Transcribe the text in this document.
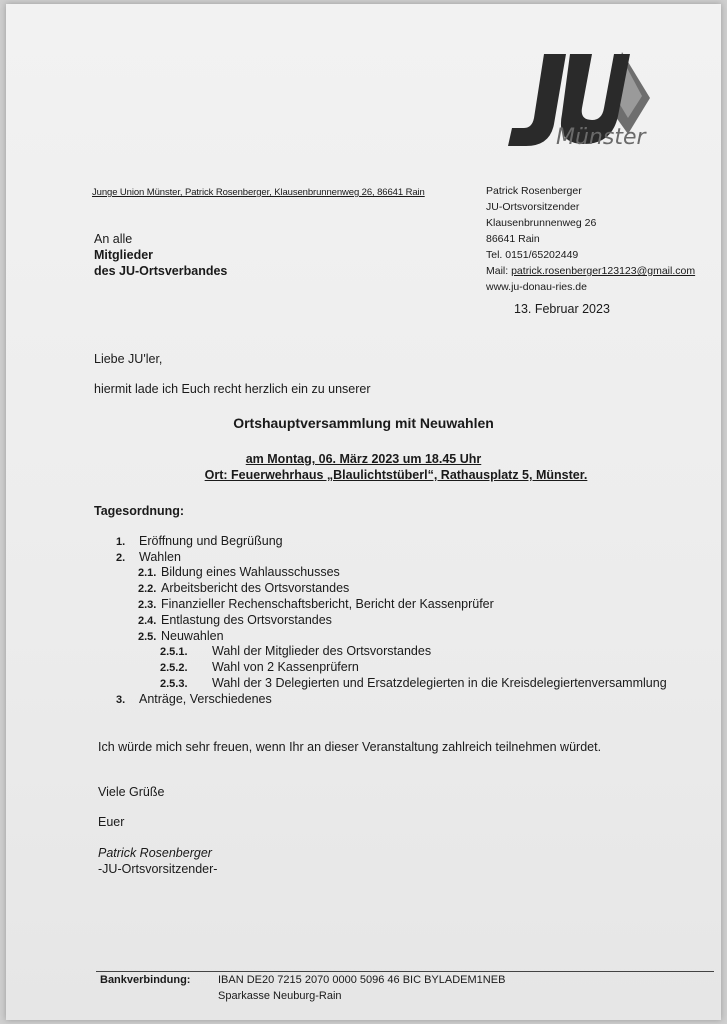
Münster
Junge Union Münster, Patrick Rosenberger, Klausenbrunnenweg 26, 86641 Rain
An alle
Mitglieder
des JU-Ortsverbandes
Patrick Rosenberger
JU-Ortsvorsitzender
Klausenbrunnenweg 26
86641 Rain
Tel. 0151/65202449
Mail: patrick.rosenberger123123@gmail.com
www.ju-donau-ries.de
13. Februar 2023
Liebe JU'ler,
hiermit lade ich Euch recht herzlich ein zu unserer
Ortshauptversammlung mit Neuwahlen
am Montag, 06. März 2023 um 18.45 Uhr
Ort: Feuerwehrhaus „Blaulichtstüberl“, Rathausplatz 5, Münster.
Tagesordnung:
1. Eröffnung und Begrüßung
2. Wahlen
2.1. Bildung eines Wahlausschusses
2.2. Arbeitsbericht des Ortsvorstandes
2.3. Finanzieller Rechenschaftsbericht, Bericht der Kassenprüfer
2.4. Entlastung des Ortsvorstandes
2.5. Neuwahlen
2.5.1. Wahl der Mitglieder des Ortsvorstandes
2.5.2. Wahl von 2 Kassenprüfern
2.5.3. Wahl der 3 Delegierten und Ersatzdelegierten in die Kreisdelegiertenversammlung
3. Anträge, Verschiedenes
Ich würde mich sehr freuen, wenn Ihr an dieser Veranstaltung zahlreich teilnehmen würdet.
Viele Grüße
Euer
Patrick Rosenberger
-JU-Ortsvorsitzender-
Bankverbindung:	IBAN DE20 7215 2070 0000 5096 46 BIC BYLADEM1NEB
Sparkasse Neuburg-Rain
